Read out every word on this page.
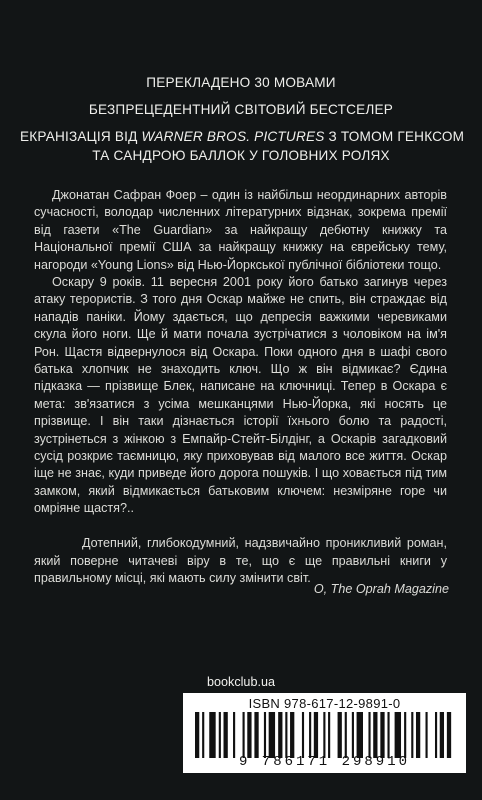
ПЕРЕКЛАДЕНО 30 МОВАМИ

БЕЗПРЕЦЕДЕНТНИЙ СВІТОВИЙ БЕСТСЕЛЕР

ЕКРАНІЗАЦІЯ ВІД WARNER BROS. PICTURES З ТОМОМ ГЕНКСОМ

ТА САНДРОЮ БАЛЛОК У ГОЛОВНИХ РОЛЯХ

Джонатан Сафран Фоер – один із найбільш неординарних авторів сучасності, володар численних літературних відзнак, зокрема премії від газети «The Guardian» за найкращу дебютну книжку та Національної премії США за найкращу книжку на єврейську тему, нагороди «Young Lions» від Нью-Йоркської публічної бібліотеки тощо.

Оскару 9 років. 11 вересня 2001 року його батько загинув через атаку терористів. З того дня Оскар майже не спить, він страждає від нападів паніки. Йому здається, що депресія важкими черевиками скула його ноги. Ще й мати почала зустрічатися з чоловіком на ім'я Рон. Щастя відвернулося від Оскара. Поки одного дня в шафі свого батька хлопчик не знаходить ключ. Що ж він відмикає? Єдина підказка — прізвище Блек, написане на ключниці. Тепер в Оскара є мета: зв'язатися з усіма мешканцями Нью-Йорка, які носять це прізвище. І він таки дізнається історії їхнього болю та радості, зустрінеться з жінкою з Емпайр-Стейт-Білдінг, а Оскарів загадковий сусід розкриє таємницю, яку приховував від малого все життя. Оскар іще не знає, куди приведе його дорога пошуків. І що ховається під тим замком, який відмикається батьковим ключем: незміряне горе чи омріяне щастя?..

Дотепний, глибокодумний, надзвичайно проникливий роман, який поверне читачеві віру в те, що є ще правильні книги у правильному місці, які мають силу змінити світ.

O, The Oprah Magazine
bookclub.ua
ISBN 978-617-12-9891-0
9 786171 298910
